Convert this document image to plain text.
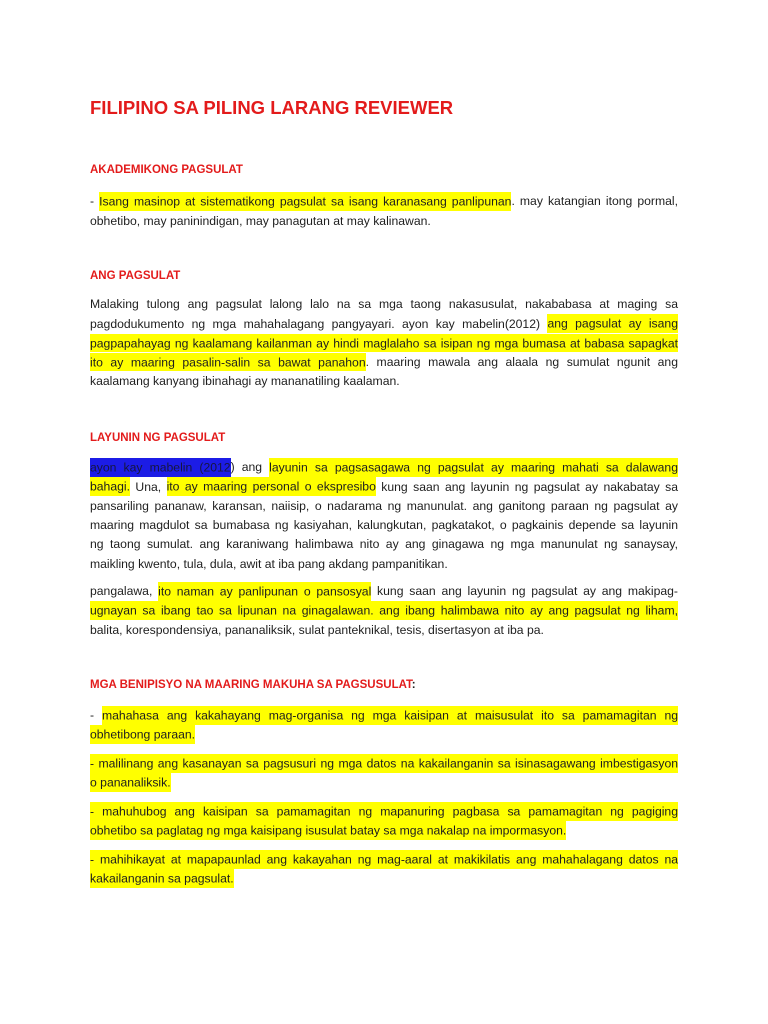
FILIPINO SA PILING LARANG REVIEWER
AKADEMIKONG PAGSULAT
- Isang masinop at sistematikong pagsulat sa isang karanasang panlipunan. may katangian itong pormal,
obhetibo, may paninindigan, may panagutan at may kalinawan.
ANG PAGSULAT
Malaking tulong ang pagsulat lalong lalo na sa mga taong nakasusulat, nakababasa at maging sa
pagdodukumento ng mga mahahalagang pangyayari. ayon kay mabelin(2012) ang pagsulat ay isang
pagpapahayag ng kaalamang kailanman ay hindi maglalaho sa isipan ng mga bumasa at babasa sapagkat
ito ay maaring pasalin-salin sa bawat panahon. maaring mawala ang alaala ng sumulat ngunit ang
kaalamang kanyang ibinahagi ay mananatiling kaalaman.
LAYUNIN NG PAGSULAT
ayon kay mabelin (2012) ang layunin sa pagsasagawa ng pagsulat ay maaring mahati sa dalawang
bahagi. Una, ito ay maaring personal o ekspresibo kung saan ang layunin ng pagsulat ay nakabatay sa
pansariling pananaw, karansan, naiisip, o nadarama ng manunulat. ang ganitong paraan ng pagsulat ay
maaring magdulot sa bumabasa ng kasiyahan, kalungkutan, pagkatakot, o pagkainis depende sa layunin
ng taong sumulat. ang karaniwang halimbawa nito ay ang ginagawa ng mga manunulat ng sanaysay,
maikling kwento, tula, dula, awit at iba pang akdang pampanitikan.
pangalawa, ito naman ay panlipunan o pansosyal kung saan ang layunin ng pagsulat ay ang makipag-
ugnayan sa ibang tao sa lipunan na ginagalawan. ang ibang halimbawa nito ay ang pagsulat ng liham,
balita, korespondensiya, pananaliksik, sulat panteknikal, tesis, disertasyon at iba pa.
MGA BENIPISYO NA MAARING MAKUHA SA PAGSUSULAT:
- mahahasa ang kakahayang mag-organisa ng mga kaisipan at maisusulat ito sa pamamagitan ng
obhetibong paraan.
- malilinang ang kasanayan sa pagsusuri ng mga datos na kakailanganin sa isinasagawang imbestigasyon
o pananaliksik.
- mahuhubog ang kaisipan sa pamamagitan ng mapanuring pagbasa sa pamamagitan ng pagiging
obhetibo sa paglatag ng mga kaisipang isusulat batay sa mga nakalap na impormasyon.
- mahihikayat at mapapaunlad ang kakayahan ng mag-aaral at makikilatis ang mahahalagang datos na
kakailanganin sa pagsulat.
